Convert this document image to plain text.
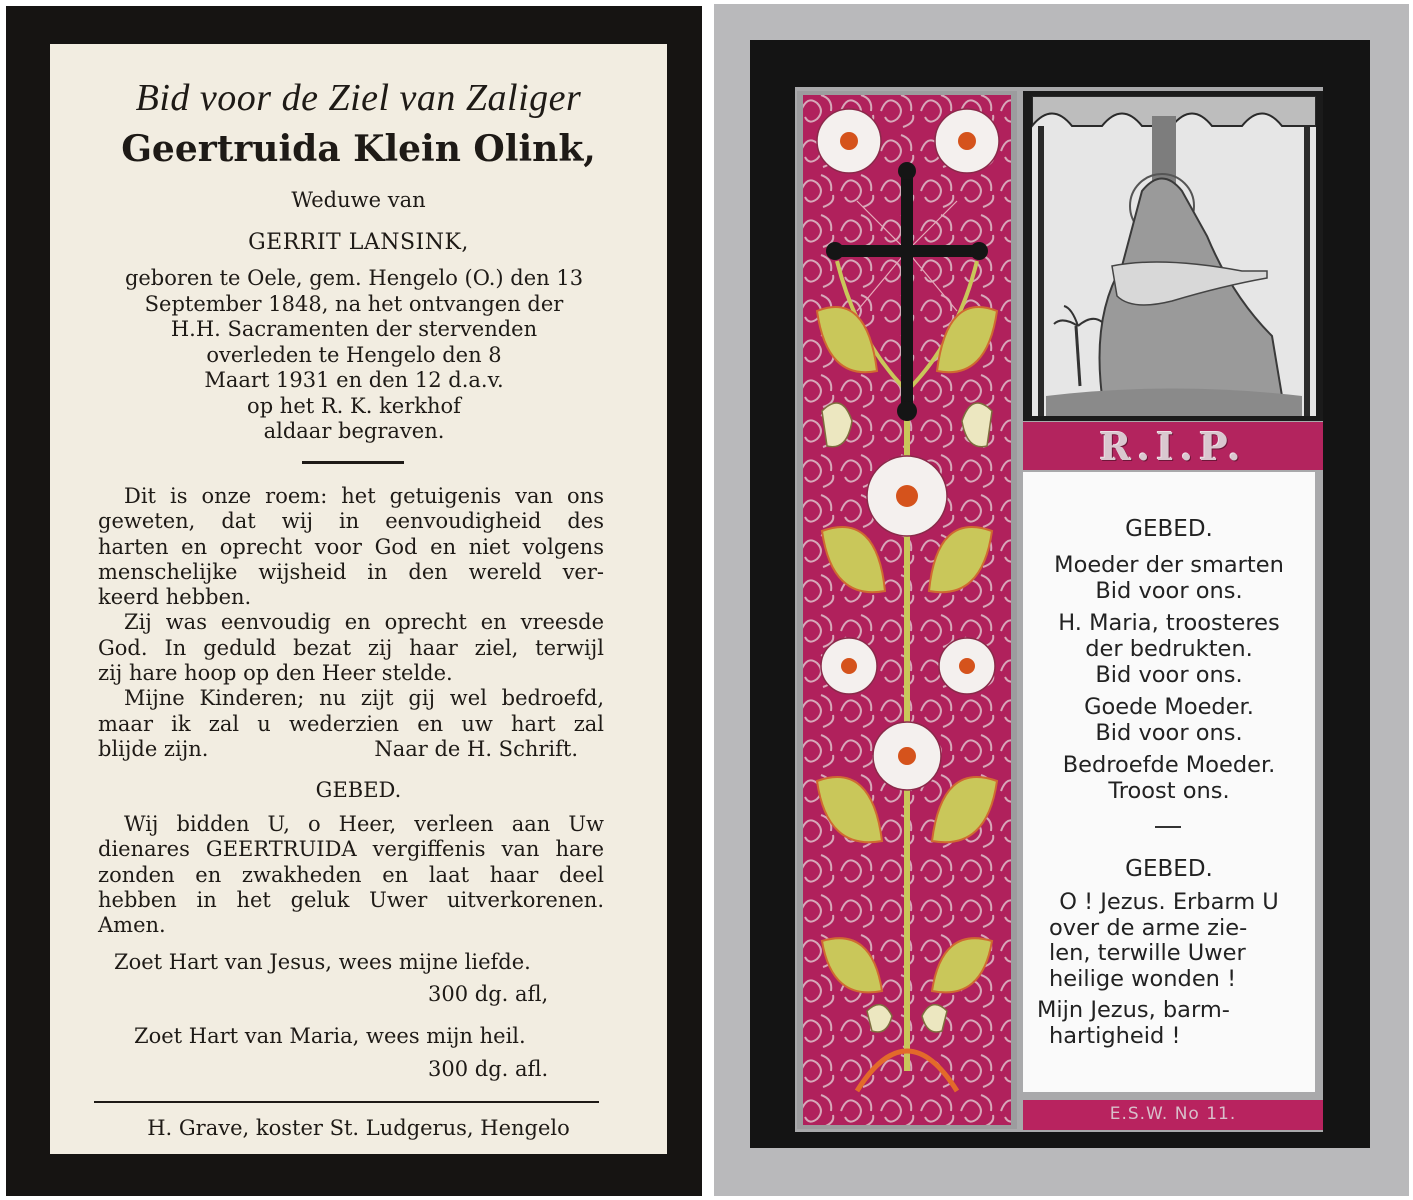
Bid voor de Ziel van Zaliger
Geertruida Klein Olink,
Weduwe van
GERRIT LANSINK,
geboren te Oele, gem. Hengelo (O.) den 13
September 1848, na het ontvangen der
H.H. Sacramenten der stervenden
overleden te Hengelo den 8
Maart 1931 en den 12 d.a.v.
op het R. K. kerkhof
aldaar begraven.
Dit is onze roem: het getuigenis van ons
geweten, dat wij in eenvoudigheid des
harten en oprecht voor God en niet volgens
menschelijke wijsheid in den wereld ver-
keerd hebben.
Zij was eenvoudig en oprecht en vreesde
God. In geduld bezat zij haar ziel, terwijl
zij hare hoop op den Heer stelde.
Mijne Kinderen; nu zijt gij wel bedroefd,
maar ik zal u wederzien en uw hart zal
blijde zijn.	Naar de H. Schrift.
GEBED.
Wij bidden U, o Heer, verleen aan Uw
dienares GEERTRUIDA vergiffenis van hare
zonden en zwakheden en laat haar deel
hebben in het geluk Uwer uitverkorenen.
Amen.
Zoet Hart van Jesus, wees mijne liefde.
300 dg. afl,
Zoet Hart van Maria, wees mijn heil.
300 dg. afl.
H. Grave, koster St. Ludgerus, Hengelo
R.I.P.
GEBED.
Moeder der smarten
Bid voor ons.
H. Maria, troosteres
der bedrukten.
Bid voor ons.
Goede Moeder.
Bid voor ons.
Bedroefde Moeder.
Troost ons.
GEBED.
O ! Jezus. Erbarm U
over de arme zie-
len, terwille Uwer
heilige wonden !
Mijn Jezus, barm-
hartigheid !
E.S.W. No 11.
